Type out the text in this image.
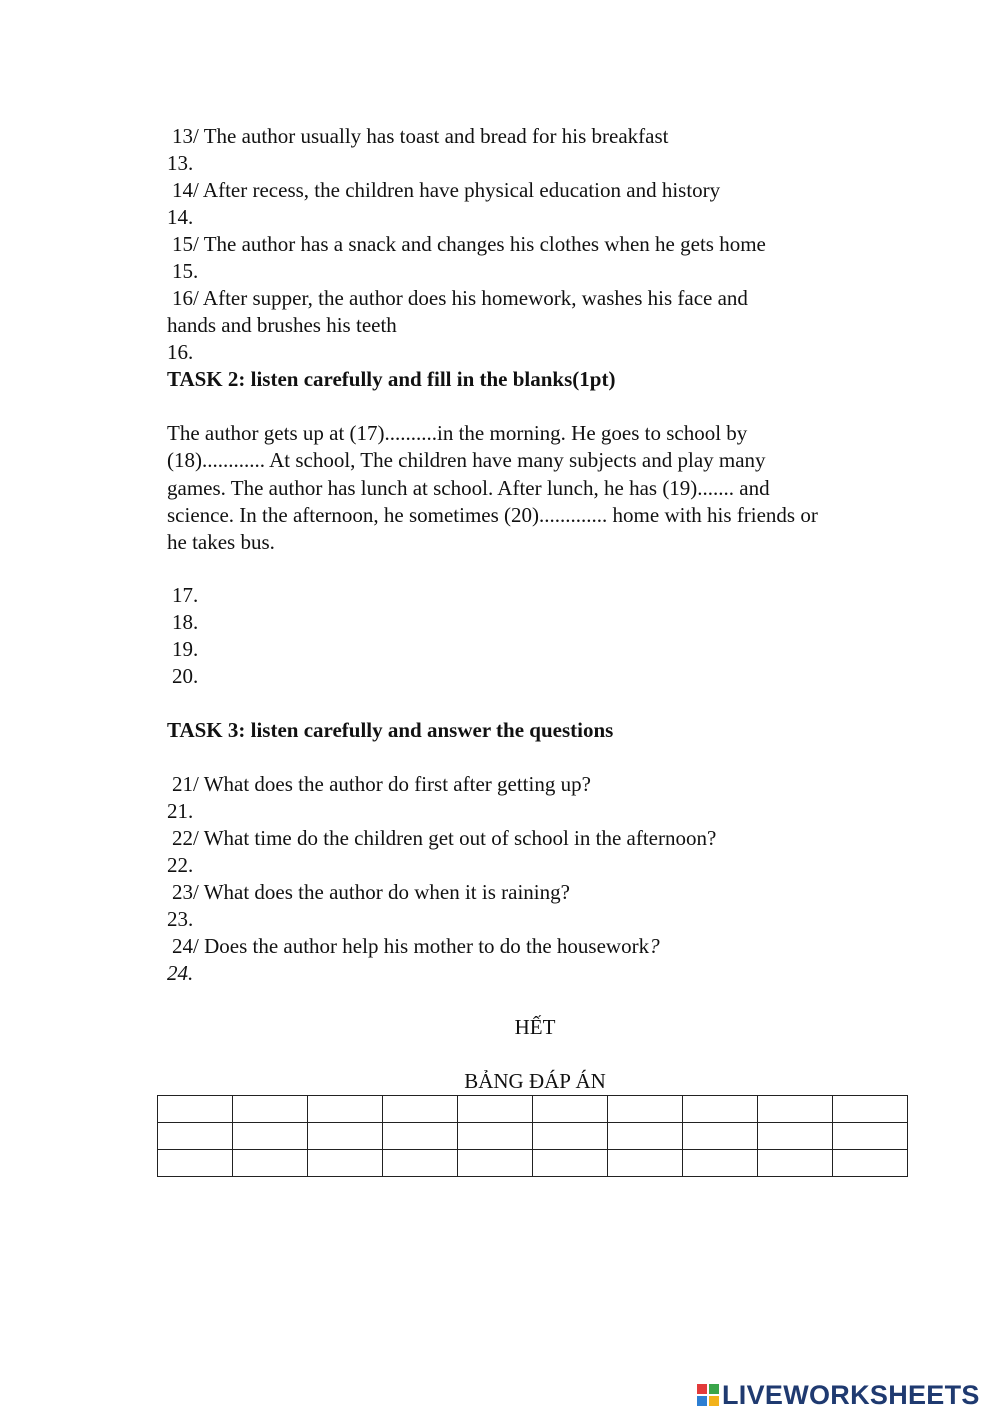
13/ The author usually has toast and bread for his breakfast
13.
14/ After recess, the children have physical education and history
14.
15/ The author has a snack and changes his clothes when he gets home
15.
16/ After supper, the author does his homework, washes his face and
hands and brushes his teeth
16.
TASK 2: listen carefully and fill in the blanks(1pt)
The author gets up at (17)..........in the morning. He goes to school by
(18)............ At school, The children have many subjects and play many
games. The author has lunch at school. After lunch, he has (19)....... and
science. In the afternoon, he sometimes (20)............. home with his friends or
he takes bus.
17.
18.
19.
20.
TASK 3: listen carefully and answer the questions
21/ What does the author do first after getting up?
21.
22/ What time do the children get out of school in the afternoon?
22.
23/ What does the author do when it is raining?
23.
24/ Does the author help his mother to do the housework?
24.
HẾT
BẢNG ĐÁP ÁN

LIVEWORKSHEETS
